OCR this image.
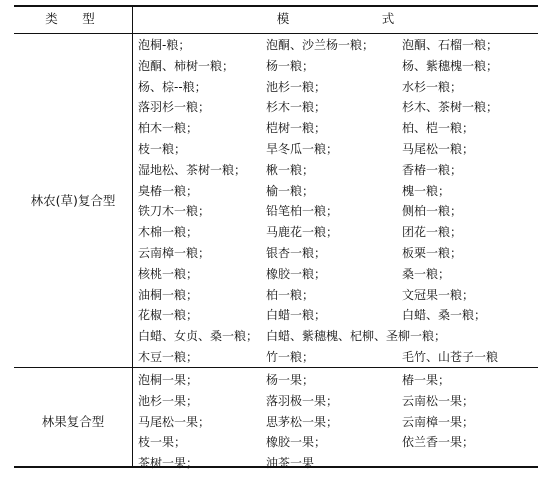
类　型	模　式
林农(草)复合型
泡桐-粮；	泡酮、沙兰杨一粮； 泡酮、石榴一粮；
泡酮、柿树一粮；	杨一粮；	杨、紫穗槐一粮；
杨、棕--粮；	池杉一粮；	水杉一粮；
落羽杉一粮；	杉木一粮；	杉木、茶树一粮；
柏木一粮；	桤树一粮；	柏、桤一粮；
枝一粮；	旱冬瓜一粮；	马尾松一粮；
湿地松、茶树一粮； 楸一粮；	香椿一粮；
臭椿一粮；	榆一粮；	槐一粮；
铁刀木一粮；	铅笔柏一粮；	侧柏一粮；
木棉一粮；	马鹿花一粮；	团花一粮；
云南樟一粮；	银杏一粮；	板栗一粮；
核桃一粮；	橡胶一粮；	桑一粮；
油桐一粮；	柏一粮；	文冠果一粮；
花椒一粮；	白蜡一粮；	白蜡、桑一粮；
白蜡、女贞、桑一粮； 白蜡、紫穗槐、杞柳、圣柳一粮；
木豆一粮；	竹一粮；	毛竹、山苍子一粮
林果复合型
泡桐一果；	杨一果；	椿一果；
池杉一果；	落羽极一果；	云南松一果；
马尾松一果；	思茅松一果；	云南樟一果；
枝一果；	橡胶一果；	依兰香一果；
茶树一果；	油茶一果
